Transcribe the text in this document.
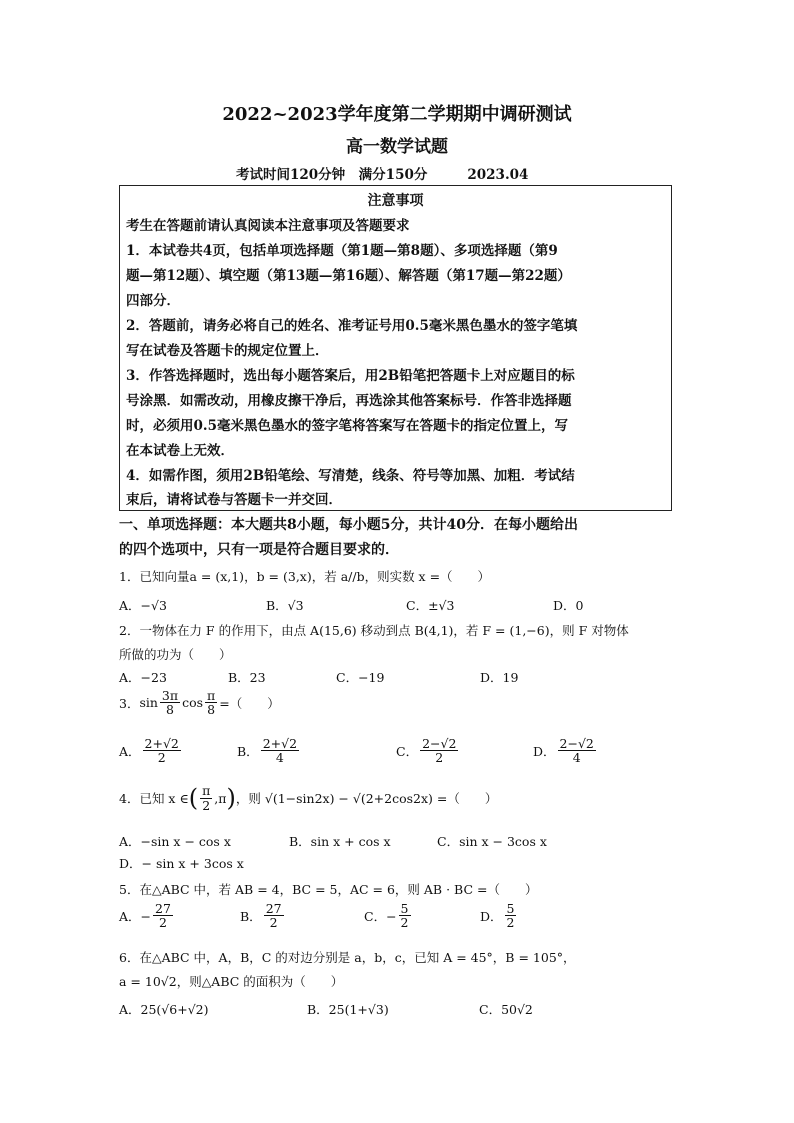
2022~2023学年度第二学期期中调研测试
高一数学试题
考试时间120分钟　满分150分	2023.04
注意事项
考生在答题前请认真阅读本注意事项及答题要求
1．本试卷共4页，包括单项选择题（第1题—第8题）、多项选择题（第9
题—第12题）、填空题（第13题—第16题）、解答题（第17题—第22题）
四部分．
2．答题前，请务必将自己的姓名、准考证号用0.5毫米黑色墨水的签字笔填
写在试卷及答题卡的规定位置上．
3．作答选择题时，选出每小题答案后，用2B铅笔把答题卡上对应题目的标
号涂黑．如需改动，用橡皮擦干净后，再选涂其他答案标号．作答非选择题
时，必须用0.5毫米黑色墨水的签字笔将答案写在答题卡的指定位置上，写
在本试卷上无效．
4．如需作图，须用2B铅笔绘、写清楚，线条、符号等加黑、加粗．考试结
束后，请将试卷与答题卡一并交回．
一、单项选择题：本大题共8小题，每小题5分，共计40分．在每小题给出
的四个选项中，只有一项是符合题目要求的．
1．已知向量a = (x,1)，b = (3,x)，若 a//b，则实数 x =（　　）
A．−√3	B．√3	C．±√3	D．0
2．一物体在力 F 的作用下，由点 A(15,6) 移动到点 B(4,1)，若 F = (1,−6)，则 F 对物体
所做的功为（　　）
A．−23	B．23	C．−19	D．19
3． $\sin \frac{3\pi}{8}$ $\cos \frac{\pi}{8}$ =（　　）
A． $\frac{2+√2}{2}$	B． $\frac{2+√2}{4}$	C． $\frac{2-√2}{2}$	D． $\frac{2-√2}{4}$
4．已知 x ∈ ( $\frac{\pi}{2} ,\pi$ ) ，则 √(1−sin2x) − √(2+2cos2x) =（　　）
A．−sin x − cos x	B．sin x + cos x	C．sin x − 3cos x
D．− sin x + 3cos x
5．在△ABC 中，若 AB = 4，BC = 5，AC = 6，则 AB · BC =（　　）
A．− $\frac{27}{2}$	B． $\frac{27}{2}$	C．− $\frac{5}{2}$	D． $\frac{5}{2}$
6．在△ABC 中，A，B，C 的对边分别是 a，b，c，已知 A = 45°，B = 105°，
a = 10√2，则△ABC 的面积为（　　）
A．25(√6+√2)	B．25(1+√3)	C．50√2
